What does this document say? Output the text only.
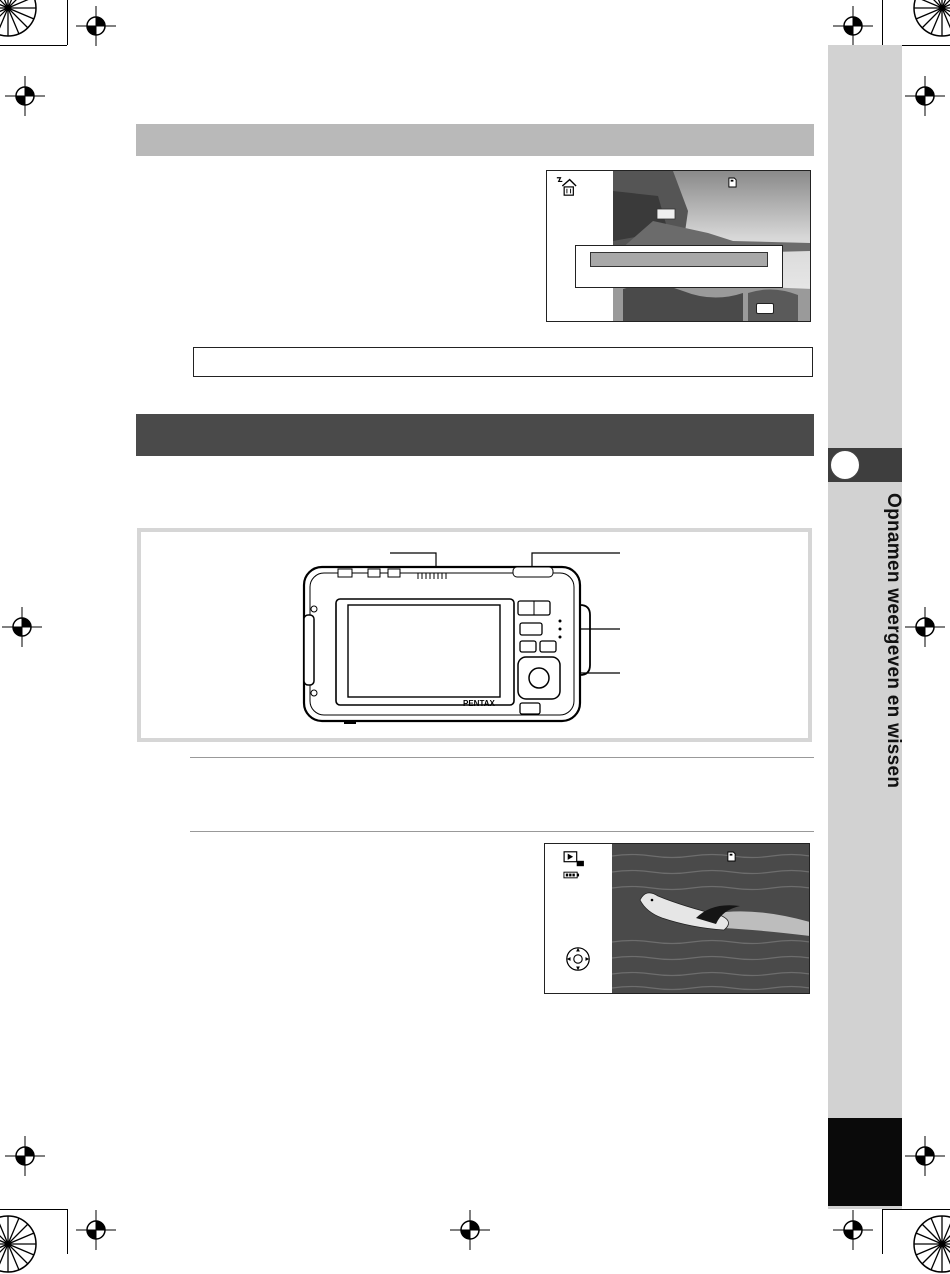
Opnamen weergeven en wissen
PENTAX
